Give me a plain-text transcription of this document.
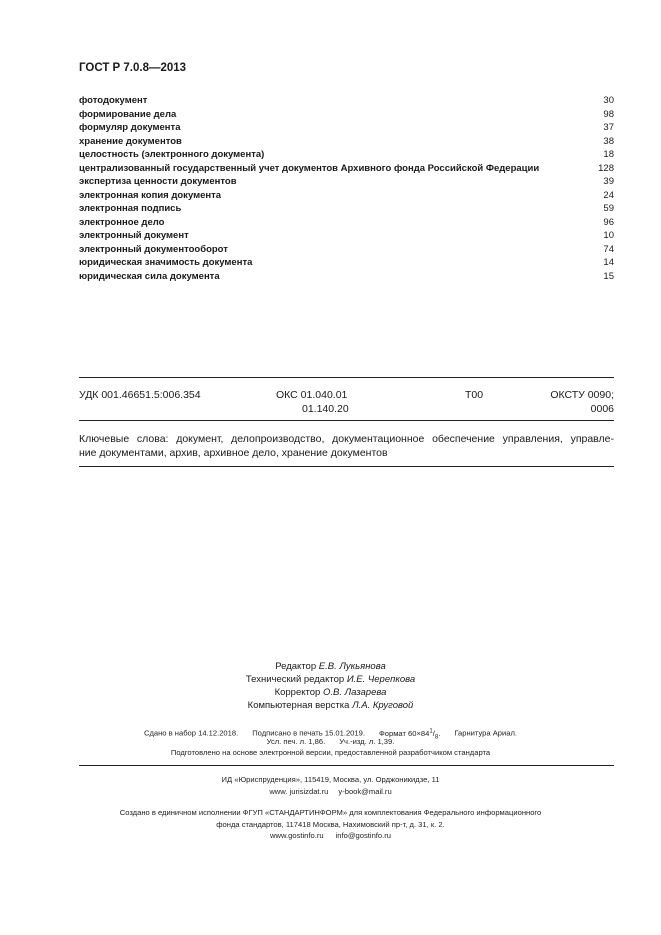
ГОСТ Р 7.0.8—2013
фотодокумент	30
формирование дела	98
формуляр документа	37
хранение документов	38
целостность (электронного документа)	18
централизованный государственный учет документов Архивного фонда Российской Федерации	128
экспертиза ценности документов	39
электронная копия документа	24
электронная подпись	59
электронное дело	96
электронный документ	10
электронный документооборот	74
юридическая значимость документа	14
юридическая сила документа	15
УДК 001.46651.5:006.354	ОКС 01.040.01
01.140.20
Т00	ОКСТУ 0090;
0006
Ключевые слова: документ, делопроизводство, документационное обеспечение управления, управле-
ние документами, архив, архивное дело, хранение документов
Редактор Е.В. Лукьянова
Технический редактор И.Е. Черепкова
Корректор О.В. Лазарева
Компьютерная верстка Л.А. Круговой
Сдано в набор 14.12.2018. Подписано в печать 15.01.2019. Формат $60\times 84^1/_8$. Гарнитура Ариал.
Усл. печ. л. 1,86. Уч.-изд. л. 1,39.
Подготовлено на основе электронной версии, предоставленной разработчиком стандарта
ИД «Юриспруденция», 115419, Москва, ул. Орджоникидзе, 11
www. jurisizdat.ru y-book@mail.ru
Создано в единичном исполнении ФГУП «СТАНДАРТИНФОРМ» для комплектования Федерального информационного
фонда стандартов, 117418 Москва, Нахимовский пр-т, д. 31, к. 2.
www.gostinfo.ru info@gostinfo.ru
